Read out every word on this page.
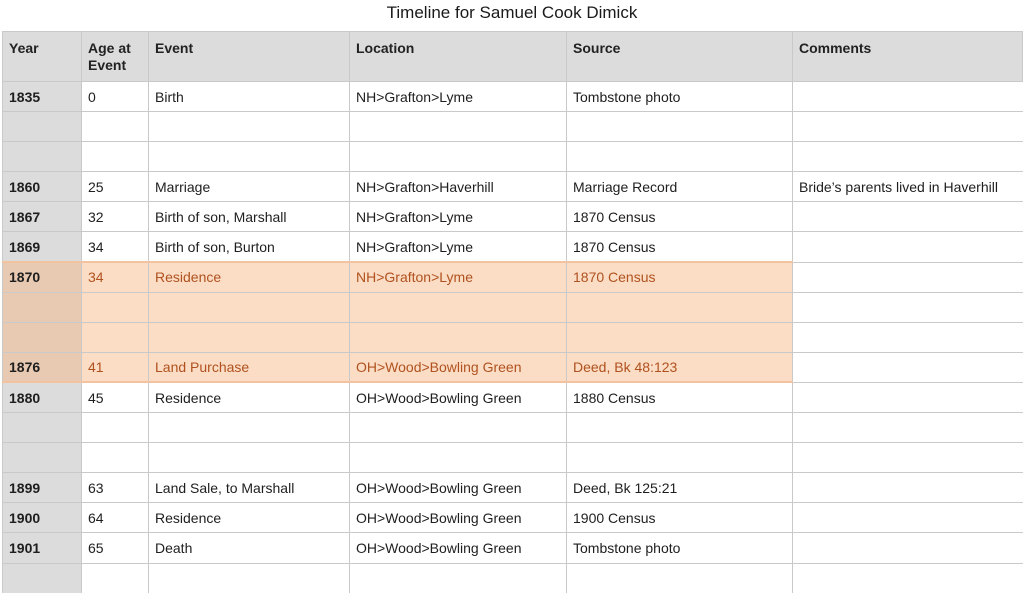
Timeline for Samuel Cook Dimick
Year	Age at Event	Event	Location	Source	Comments
1835	0	Birth	NH>Grafton>Lyme	Tombstone photo	

1860	25	Marriage	NH>Grafton>Haverhill	Marriage Record	Bride’s parents lived in Haverhill
1867	32	Birth of son, Marshall	NH>Grafton>Lyme	1870 Census	
1869	34	Birth of son, Burton	NH>Grafton>Lyme	1870 Census	
1870	34	Residence	NH>Grafton>Lyme	1870 Census	

1876	41	Land Purchase	OH>Wood>Bowling Green	Deed, Bk 48:123	
1880	45	Residence	OH>Wood>Bowling Green	1880 Census	

1899	63	Land Sale, to Marshall	OH>Wood>Bowling Green	Deed, Bk 125:21	
1900	64	Residence	OH>Wood>Bowling Green	1900 Census	
1901	65	Death	OH>Wood>Bowling Green	Tombstone photo	
